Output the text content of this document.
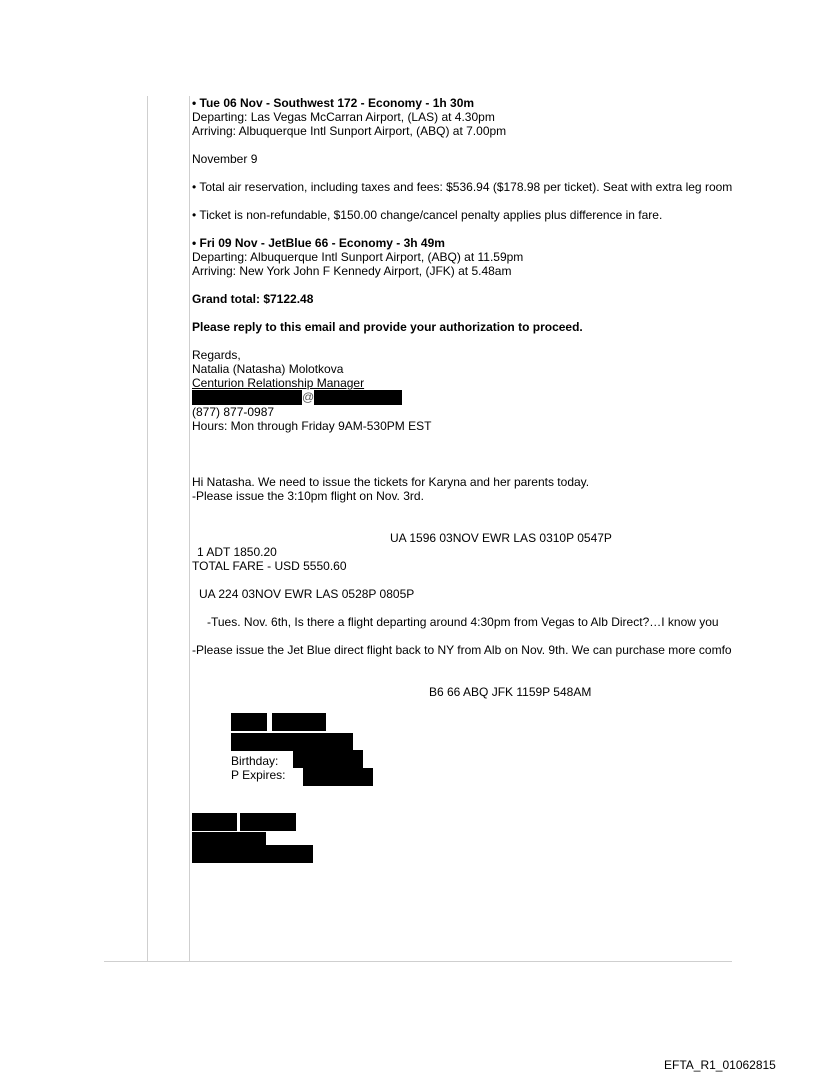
• Tue 06 Nov - Southwest 172 - Economy - 1h 30m

Departing: Las Vegas McCarran Airport, (LAS) at 4.30pm

Arriving: Albuquerque Intl Sunport Airport, (ABQ) at 7.00pm

November 9

• Total air reservation, including taxes and fees: $536.94 ($178.98 per ticket). Seat with extra leg room

• Ticket is non-refundable, $150.00 change/cancel penalty applies plus difference in fare.

• Fri 09 Nov - JetBlue 66 - Economy - 3h 49m

Departing: Albuquerque Intl Sunport Airport, (ABQ) at 11.59pm

Arriving: New York John F Kennedy Airport, (JFK) at 5.48am

Grand total: $7122.48

Please reply to this email and provide your authorization to proceed.

Regards,

Natalia (Natasha) Molotkova

Centurion Relationship Manager

@

(877) 877-0987

Hours: Mon through Friday 9AM-530PM EST

Hi Natasha. We need to issue the tickets for Karyna and her parents today.

-Please issue the 3:10pm flight on Nov. 3rd.

UA 1596 03NOV EWR LAS 0310P 0547P

1 ADT 1850.20

TOTAL FARE - USD 5550.60

UA 224 03NOV EWR LAS 0528P 0805P

-Tues. Nov. 6th, Is there a flight departing around 4:30pm from Vegas to Alb Direct?…I know you

-Please issue the Jet Blue direct flight back to NY from Alb on Nov. 9th. We can purchase more comfo

B6 66 ABQ JFK 1159P 548AM

Birthday:
P Expires:
EFTA_R1_01062815
